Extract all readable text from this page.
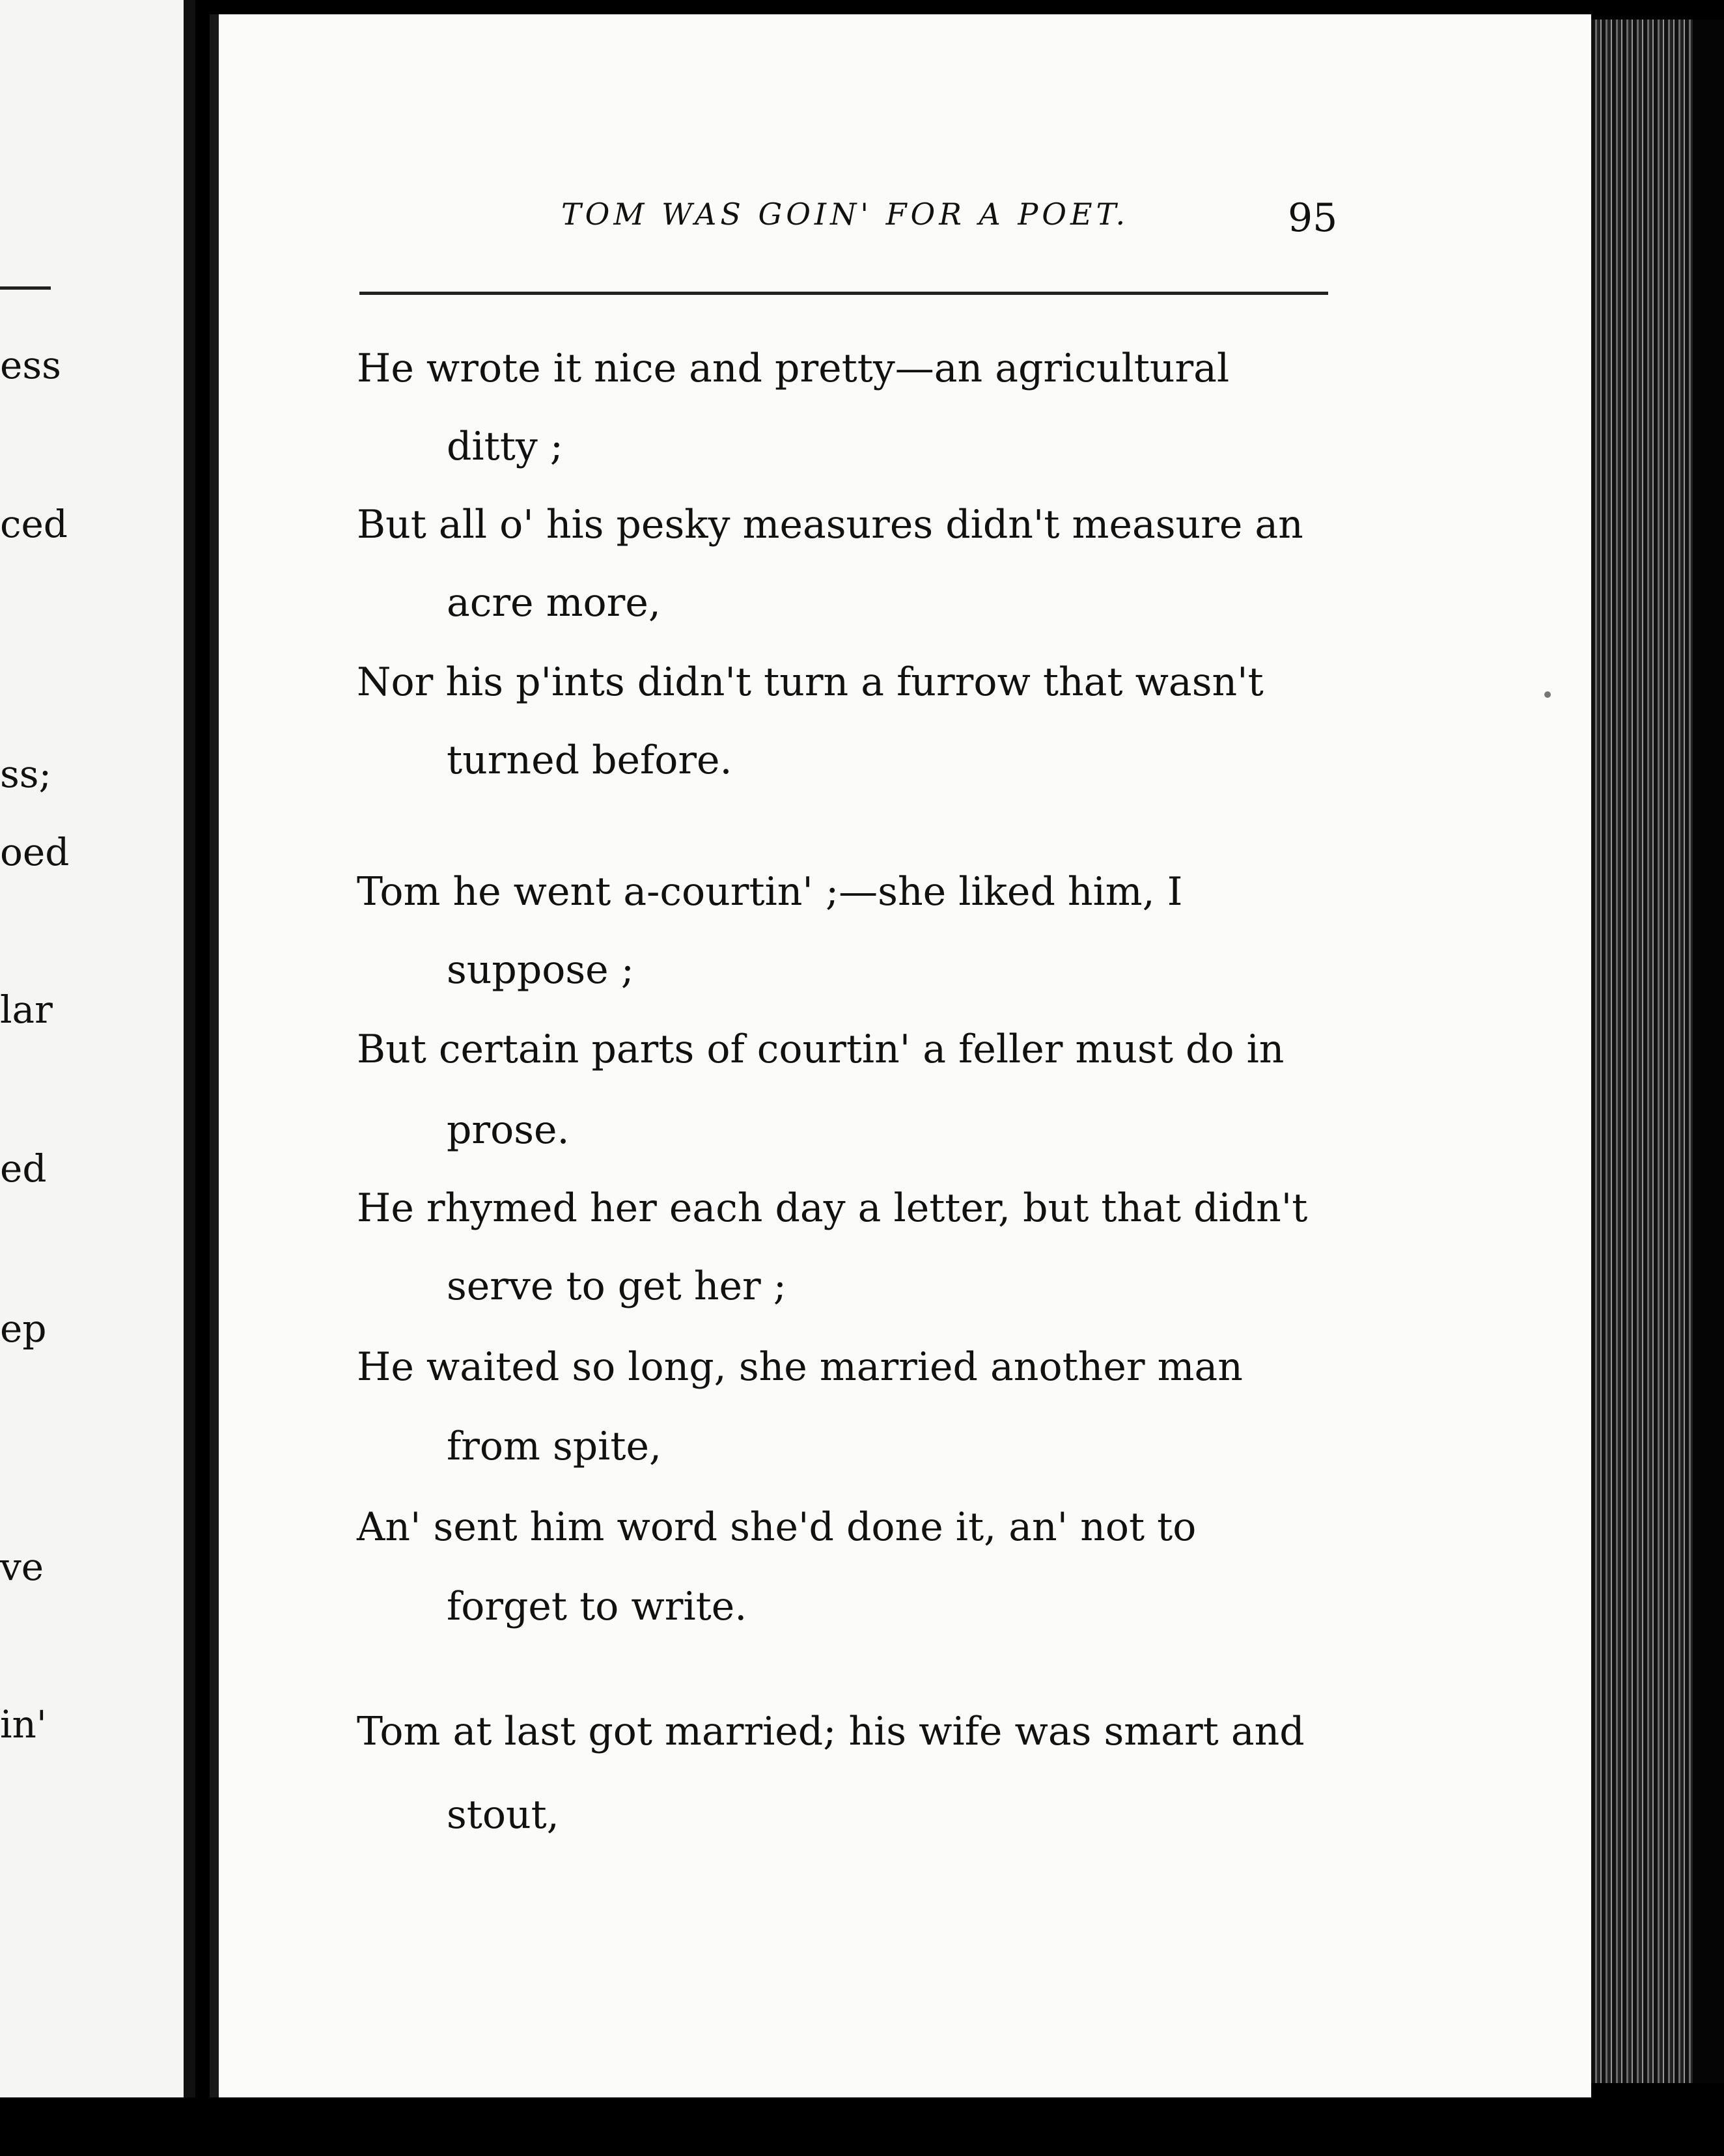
ess
ced
ss;
oed
lar
ed
ep
ve
in'
TOM WAS GOIN' FOR A POET.	95
He wrote it nice and pretty—an agricultural
ditty ;
But all o' his pesky measures didn't measure an
acre more,
Nor his p'ints didn't turn a furrow that wasn't
turned before.
Tom he went a-courtin' ;—she liked him, I
suppose ;
But certain parts of courtin' a feller must do in
prose.
He rhymed her each day a letter, but that didn't
serve to get her ;
He waited so long, she married another man
from spite,
An' sent him word she'd done it, an' not to
forget to write.
Tom at last got married; his wife was smart and
stout,
